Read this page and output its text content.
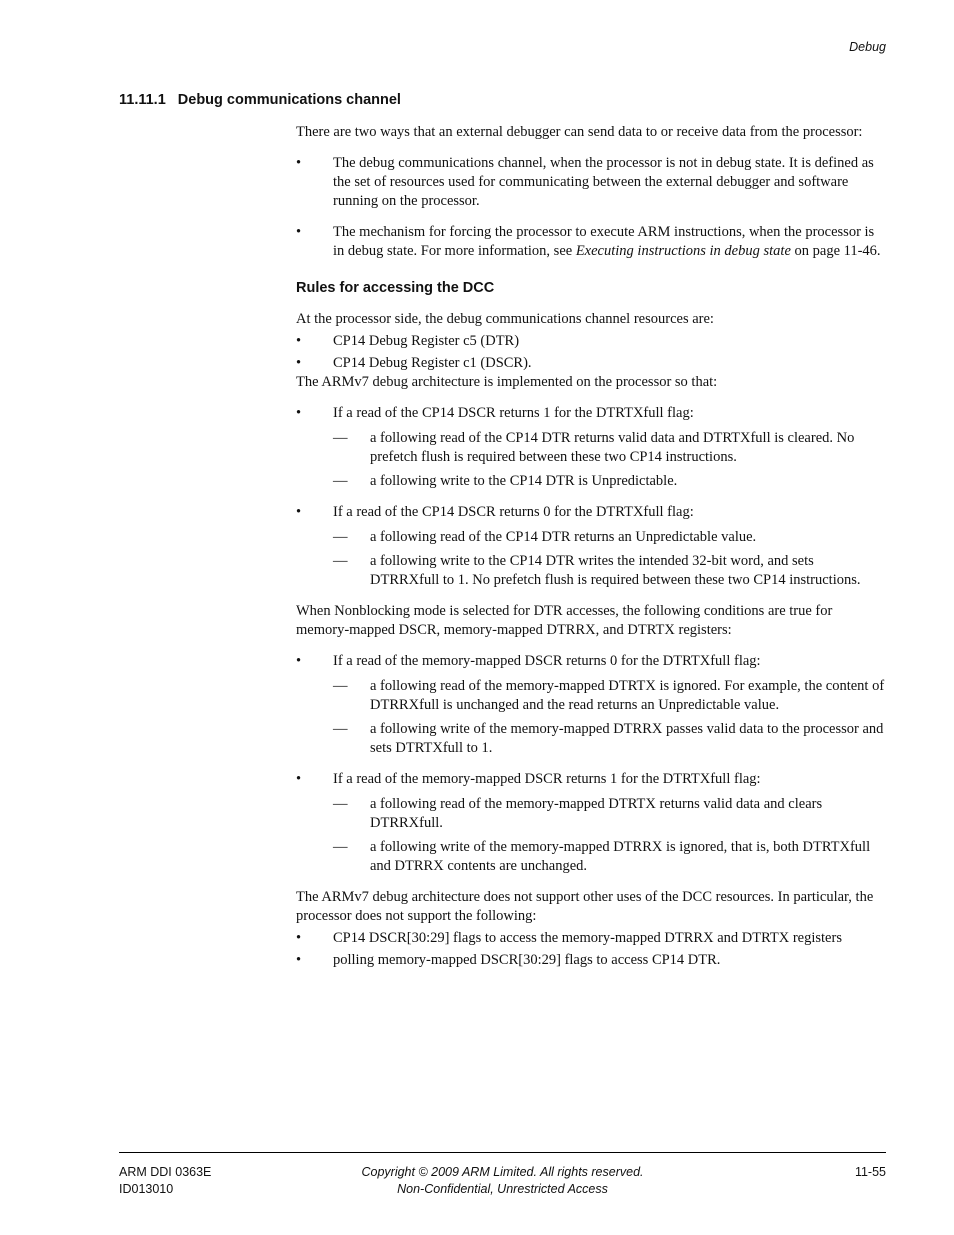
Debug
11.11.1 Debug communications channel

There are two ways that an external debugger can send data to or receive data from the processor:

• The debug communications channel, when the processor is not in debug state. It is defined as the set of resources used for communicating between the external debugger and software running on the processor.
• The mechanism for forcing the processor to execute ARM instructions, when the processor is in debug state. For more information, see Executing instructions in debug state on page 11-46.
Rules for accessing the DCC

At the processor side, the debug communications channel resources are:

• CP14 Debug Register c5 (DTR)
• CP14 Debug Register c1 (DSCR).

The ARMv7 debug architecture is implemented on the processor so that:

• If a read of the CP14 DSCR returns 1 for the DTRTXfull flag:
— a following read of the CP14 DTR returns valid data and DTRTXfull is cleared. No prefetch flush is required between these two CP14 instructions.
— a following write to the CP14 DTR is Unpredictable.
• If a read of the CP14 DSCR returns 0 for the DTRTXfull flag:
— a following read of the CP14 DTR returns an Unpredictable value.
— a following write to the CP14 DTR writes the intended 32-bit word, and sets DTRRXfull to 1. No prefetch flush is required between these two CP14 instructions.

When Nonblocking mode is selected for DTR accesses, the following conditions are true for memory-mapped DSCR, memory-mapped DTRRX, and DTRTX registers:

• If a read of the memory-mapped DSCR returns 0 for the DTRTXfull flag:
— a following read of the memory-mapped DTRTX is ignored. For example, the content of DTRRXfull is unchanged and the read returns an Unpredictable value.
— a following write of the memory-mapped DTRRX passes valid data to the processor and sets DTRTXfull to 1.
• If a read of the memory-mapped DSCR returns 1 for the DTRTXfull flag:
— a following read of the memory-mapped DTRTX returns valid data and clears DTRRXfull.
— a following write of the memory-mapped DTRRX is ignored, that is, both DTRTXfull and DTRRX contents are unchanged.

The ARMv7 debug architecture does not support other uses of the DCC resources. In particular, the processor does not support the following:

• CP14 DSCR[30:29] flags to access the memory-mapped DTRRX and DTRTX registers
• polling memory-mapped DSCR[30:29] flags to access CP14 DTR.
ARM DDI 0363E
ID013010
Copyright © 2009 ARM Limited. All rights reserved.
Non-Confidential, Unrestricted Access
11-55
